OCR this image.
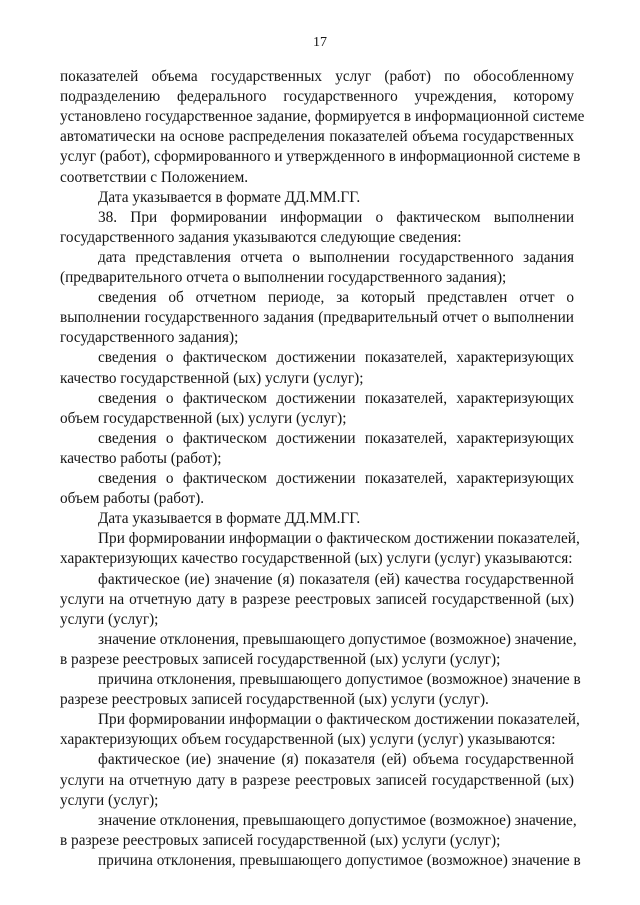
17
показателей объема государственных услуг (работ) по обособленному
подразделению федерального государственного учреждения, которому
установлено государственное задание, формируется в информационной системе
автоматически на основе распределения показателей объема государственных
услуг (работ), сформированного и утвержденного в информационной системе в
соответствии с Положением.
Дата указывается в формате ДД.ММ.ГГ.
38. При формировании информации о фактическом выполнении
государственного задания указываются следующие сведения:
дата представления отчета о выполнении государственного задания
(предварительного отчета о выполнении государственного задания);
сведения об отчетном периоде, за который представлен отчет о
выполнении государственного задания (предварительный отчет о выполнении
государственного задания);
сведения о фактическом достижении показателей, характеризующих
качество государственной (ых) услуги (услуг);
сведения о фактическом достижении показателей, характеризующих
объем государственной (ых) услуги (услуг);
сведения о фактическом достижении показателей, характеризующих
качество работы (работ);
сведения о фактическом достижении показателей, характеризующих
объем работы (работ).
Дата указывается в формате ДД.ММ.ГГ.
При формировании информации о фактическом достижении показателей,
характеризующих качество государственной (ых) услуги (услуг) указываются:
фактическое (ие) значение (я) показателя (ей) качества государственной
услуги на отчетную дату в разрезе реестровых записей государственной (ых)
услуги (услуг);
значение отклонения, превышающего допустимое (возможное) значение,
в разрезе реестровых записей государственной (ых) услуги (услуг);
причина отклонения, превышающего допустимое (возможное) значение в
разрезе реестровых записей государственной (ых) услуги (услуг).
При формировании информации о фактическом достижении показателей,
характеризующих объем государственной (ых) услуги (услуг) указываются:
фактическое (ие) значение (я) показателя (ей) объема государственной
услуги на отчетную дату в разрезе реестровых записей государственной (ых)
услуги (услуг);
значение отклонения, превышающего допустимое (возможное) значение,
в разрезе реестровых записей государственной (ых) услуги (услуг);
причина отклонения, превышающего допустимое (возможное) значение в
